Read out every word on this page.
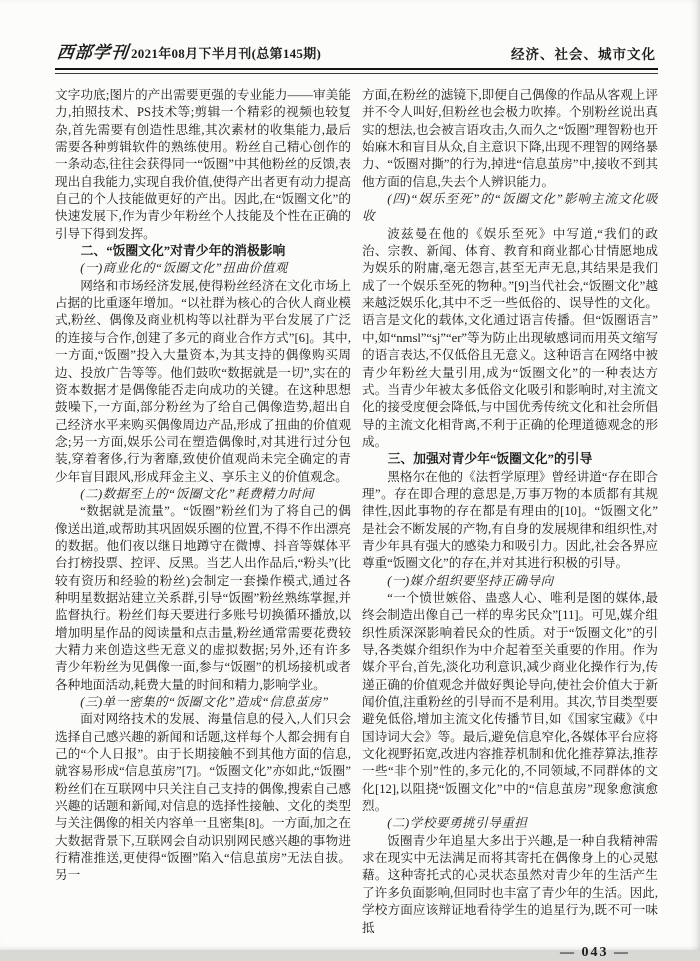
西部学刊 2021年08月下半月刊(总第145期)	经济、社会、城市文化

文字功底;图片的产出需要更强的专业能力——审美能力,拍照技术、PS技术等;剪辑一个精彩的视频也较复杂,首先需要有创造性思维,其次素材的收集能力,最后需要各种剪辑软件的熟练使用。粉丝自己精心创作的一条动态,往往会获得同一“饭圈”中其他粉丝的反馈,表现出自我能力,实现自我价值,使得产出者更有动力提高自己的个人技能做更好的产出。因此,在“饭圈文化”的快速发展下,作为青少年粉丝个人技能及个性在正确的引导下得到发挥。

二、“饭圈文化”对青少年的消极影响

(一)商业化的“饭圈文化”扭曲价值观

网络和市场经济发展,使得粉丝经济在文化市场上占据的比重逐年增加。“以社群为核心的合伙人商业模式,粉丝、偶像及商业机构等以社群为平台发展了广泛的连接与合作,创建了多元的商业合作方式”[6]。其中,一方面,“饭圈”投入大量资本,为其支持的偶像购买周边、投放广告等等。他们鼓吹“数据就是一切”,实在的资本数据才是偶像能否走向成功的关键。在这种思想鼓噪下,一方面,部分粉丝为了给自己偶像造势,超出自己经济水平来购买偶像周边产品,形成了扭曲的价值观念;另一方面,娱乐公司在塑造偶像时,对其进行过分包装,穿着奢侈,行为奢靡,致使价值观尚未完全确定的青少年盲目跟风,形成拜金主义、享乐主义的价值观念。

(二)数据至上的“饭圈文化”耗费精力时间

“数据就是流量”。“饭圈”粉丝们为了将自己的偶像送出道,或帮助其巩固娱乐圈的位置,不得不作出漂亮的数据。他们夜以继日地蹲守在微博、抖音等媒体平台打榜投票、控评、反黑。当艺人出作品后,“粉头”(比较有资历和经验的粉丝)会制定一套操作模式,通过各种明星数据站建立关系群,引导“饭圈”粉丝熟练掌握,并监督执行。粉丝们每天要进行多账号切换循环播放,以增加明星作品的阅读量和点击量,粉丝通常需要花费较大精力来创造这些无意义的虚拟数据;另外,还有许多青少年粉丝为见偶像一面,参与“饭圈”的机场接机或者各种地面活动,耗费大量的时间和精力,影响学业。

(三)单一密集的“饭圈文化”造成“信息茧房”

面对网络技术的发展、海量信息的侵入,人们只会选择自己感兴趣的新闻和话题,这样每个人都会拥有自己的“个人日报”。由于长期接触不到其他方面的信息,就容易形成“信息茧房”[7]。“饭圈文化”亦如此,“饭圈”粉丝们在互联网中只关注自己支持的偶像,搜索自己感兴趣的话题和新闻,对信息的选择性接触、文化的类型与关注偶像的相关内容单一且密集[8]。一方面,加之在大数据背景下,互联网会自动识别网民感兴趣的事物进行精准推送,更使得“饭圈”陷入“信息茧房”无法自拔。另一

方面,在粉丝的滤镜下,即便自己偶像的作品从客观上评并不令人叫好,但粉丝也会极力吹捧。个别粉丝说出真实的想法,也会被言语攻击,久而久之“饭圈”理智粉也开始麻木和盲目从众,自主意识下降,出现不理智的网络暴力、“饭圈对撕”的行为,掉进“信息茧房”中,接收不到其他方面的信息,失去个人辨识能力。

(四)“娱乐至死”的“饭圈文化”影响主流文化吸收

波兹曼在他的《娱乐至死》中写道,“我们的政治、宗教、新闻、体育、教育和商业都心甘情愿地成为娱乐的附庸,毫无怨言,甚至无声无息,其结果是我们成了一个娱乐至死的物种。”[9]当代社会,“饭圈文化”越来越泛娱乐化,其中不乏一些低俗的、误导性的文化。语言是文化的载体,文化通过语言传播。但“饭圈语言”中,如“nmsl”“sj”“er”等为防止出现敏感词而用英文缩写的语言表达,不仅低俗且无意义。这种语言在网络中被青少年粉丝大量引用,成为“饭圈文化”的一种表达方式。当青少年被太多低俗文化吸引和影响时,对主流文化的接受度便会降低,与中国优秀传统文化和社会所倡导的主流文化相背离,不利于正确的伦理道德观念的形成。

三、加强对青少年“饭圈文化”的引导

黑格尔在他的《法哲学原理》曾经讲道“存在即合理”。存在即合理的意思是,万事万物的本质都有其规律性,因此事物的存在都是有理由的[10]。“饭圈文化”是社会不断发展的产物,有自身的发展规律和组织性,对青少年具有强大的感染力和吸引力。因此,社会各界应尊重“饭圈文化”的存在,并对其进行积极的引导。

(一)媒介组织要坚持正确导向

“一个愤世嫉俗、蛊惑人心、唯利是图的媒体,最终会制造出像自己一样的卑劣民众”[11]。可见,媒介组织性质深深影响着民众的性质。对于“饭圈文化”的引导,各类媒介组织作为中介起着至关重要的作用。作为媒介平台,首先,淡化功利意识,减少商业化操作行为,传递正确的价值观念并做好舆论导向,使社会价值大于新闻价值,注重粉丝的引导而不是利用。其次,节目类型要避免低俗,增加主流文化传播节目,如《国家宝藏》《中国诗词大会》等。最后,避免信息窄化,各媒体平台应将文化视野拓宽,改进内容推荐机制和优化推荐算法,推荐一些“非个别”性的,多元化的,不同领域,不同群体的文化[12],以阻挠“饭圈文化”中的“信息茧房”现象愈演愈烈。

(二)学校要勇挑引导重担

饭圈青少年追星大多出于兴趣,是一种自我精神需求在现实中无法满足而将其寄托在偶像身上的心灵慰藉。这种寄托式的心灵状态虽然对青少年的生活产生了许多负面影响,但同时也丰富了青少年的生活。因此,学校方面应该辩证地看待学生的追星行为,既不可一味抵

— 043 —
